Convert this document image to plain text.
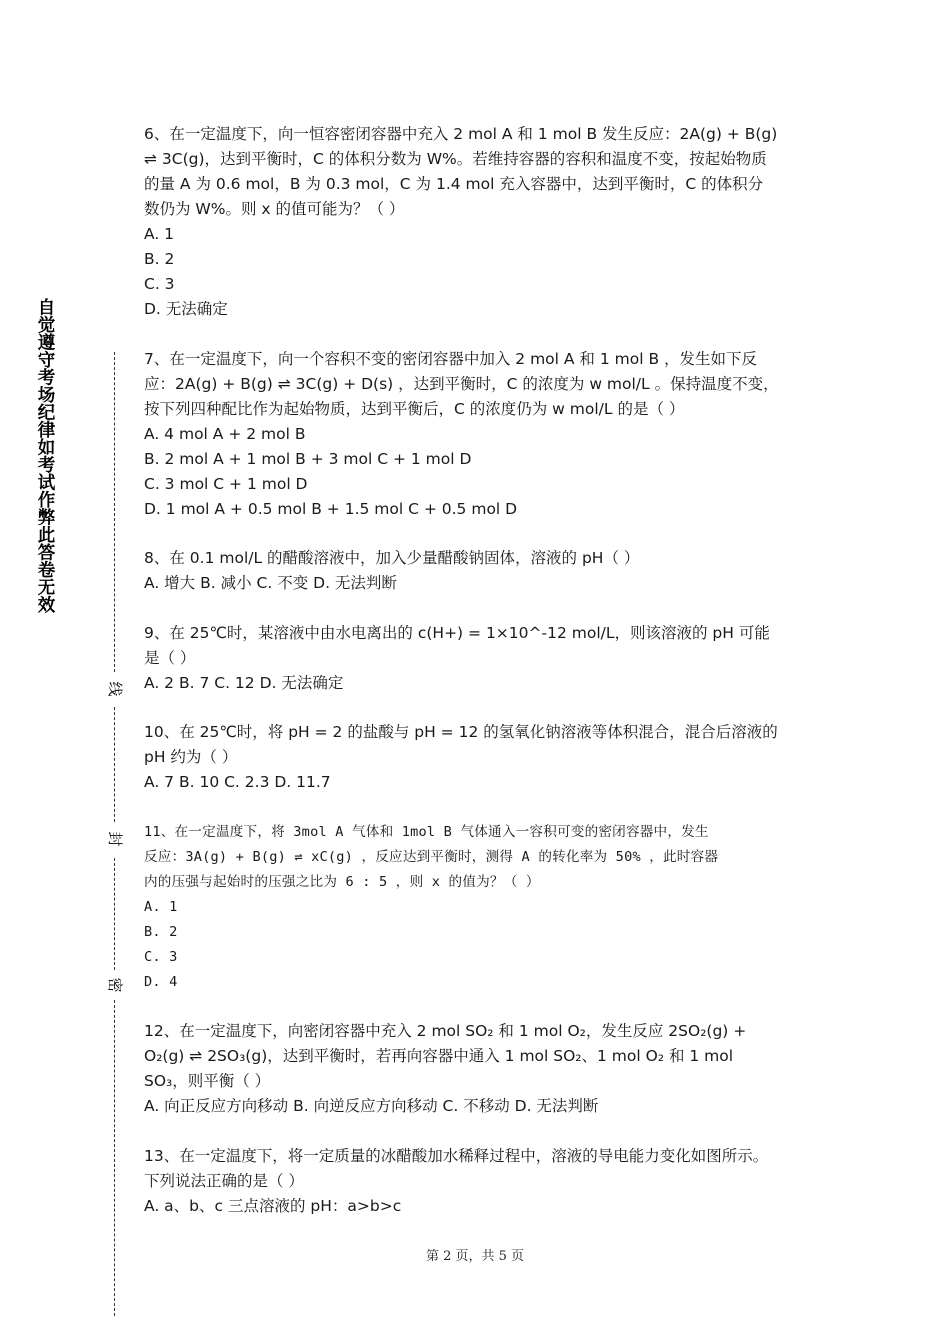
自觉遵守考场纪律如考试作弊此答卷无效
线
封
密
6、在一定温度下，向一恒容密闭容器中充入 2 mol A 和 1 mol B 发生反应：2A(g) + B(g)
⇌ 3C(g)，达到平衡时，C 的体积分数为 W%。若维持容器的容积和温度不变，按起始物质
的量 A 为 0.6 mol，B 为 0.3 mol，C 为 1.4 mol 充入容器中，达到平衡时，C 的体积分
数仍为 W%。则 x 的值可能为？（ ）
A. 1
B. 2
C. 3
D. 无法确定
7、在一定温度下，向一个容积不变的密闭容器中加入 2 mol A 和 1 mol B ，发生如下反
应：2A(g) + B(g) ⇌ 3C(g) + D(s) ，达到平衡时，C 的浓度为 w mol/L 。保持温度不变，
按下列四种配比作为起始物质，达到平衡后，C 的浓度仍为 w mol/L 的是（ ）
A. 4 mol A + 2 mol B
B. 2 mol A + 1 mol B + 3 mol C + 1 mol D
C. 3 mol C + 1 mol D
D. 1 mol A + 0.5 mol B + 1.5 mol C + 0.5 mol D
8、在 0.1 mol/L 的醋酸溶液中，加入少量醋酸钠固体，溶液的 pH（ ）
A. 增大 B. 减小 C. 不变 D. 无法判断
9、在 25℃时，某溶液中由水电离出的 c(H+) = 1×10^-12 mol/L，则该溶液的 pH 可能
是（ ）
A. 2 B. 7 C. 12 D. 无法确定
10、在 25℃时，将 pH = 2 的盐酸与 pH = 12 的氢氧化钠溶液等体积混合，混合后溶液的
pH 约为（ ）
A. 7 B. 10 C. 2.3 D. 11.7
11、在一定温度下，将 3mol A 气体和 1mol B 气体通入一容积可变的密闭容器中，发生
反应：3A(g) + B(g) ⇌ xC(g) ，反应达到平衡时，测得 A 的转化率为 50% ，此时容器
内的压强与起始时的压强之比为 6 : 5 ，则 x 的值为？（ ）
A. 1
B. 2
C. 3
D. 4
12、在一定温度下，向密闭容器中充入 2 mol SO₂ 和 1 mol O₂，发生反应 2SO₂(g) +
O₂(g) ⇌ 2SO₃(g)，达到平衡时，若再向容器中通入 1 mol SO₂、1 mol O₂ 和 1 mol
SO₃，则平衡（ ）
A. 向正反应方向移动 B. 向逆反应方向移动 C. 不移动 D. 无法判断
13、在一定温度下，将一定质量的冰醋酸加水稀释过程中，溶液的导电能力变化如图所示。
下列说法正确的是（ ）
A. a、b、c 三点溶液的 pH：a>b>c
第 2 页，共 5 页
